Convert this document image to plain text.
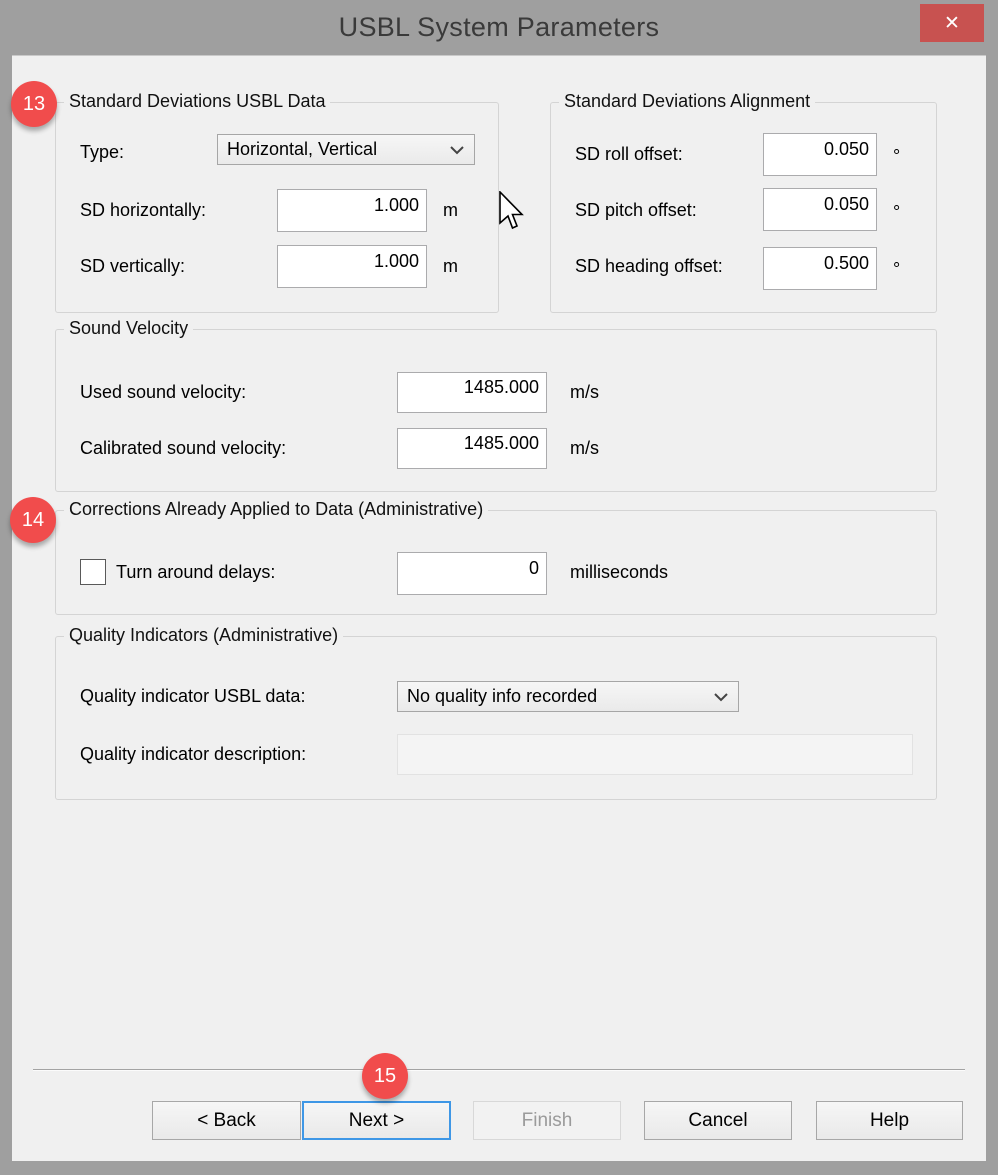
USBL System Parameters	✕
Standard Deviations USBL Data
Type:	Horizontal, Vertical
SD horizontally:
1.000	m
SD vertically:
1.000	m
Standard Deviations Alignment
SD roll offset:
0.050	°
SD pitch offset:
0.050	°
SD heading offset:
0.500	°
Sound Velocity
Used sound velocity:
1485.000	m/s
Calibrated sound velocity:
1485.000	m/s
Corrections Already Applied to Data (Administrative)
Turn around delays:
0	milliseconds
Quality Indicators (Administrative)
Quality indicator USBL data:	No quality info recorded
Quality indicator description:
< Back	Next >	Finish	Cancel	Help
13
14
15
